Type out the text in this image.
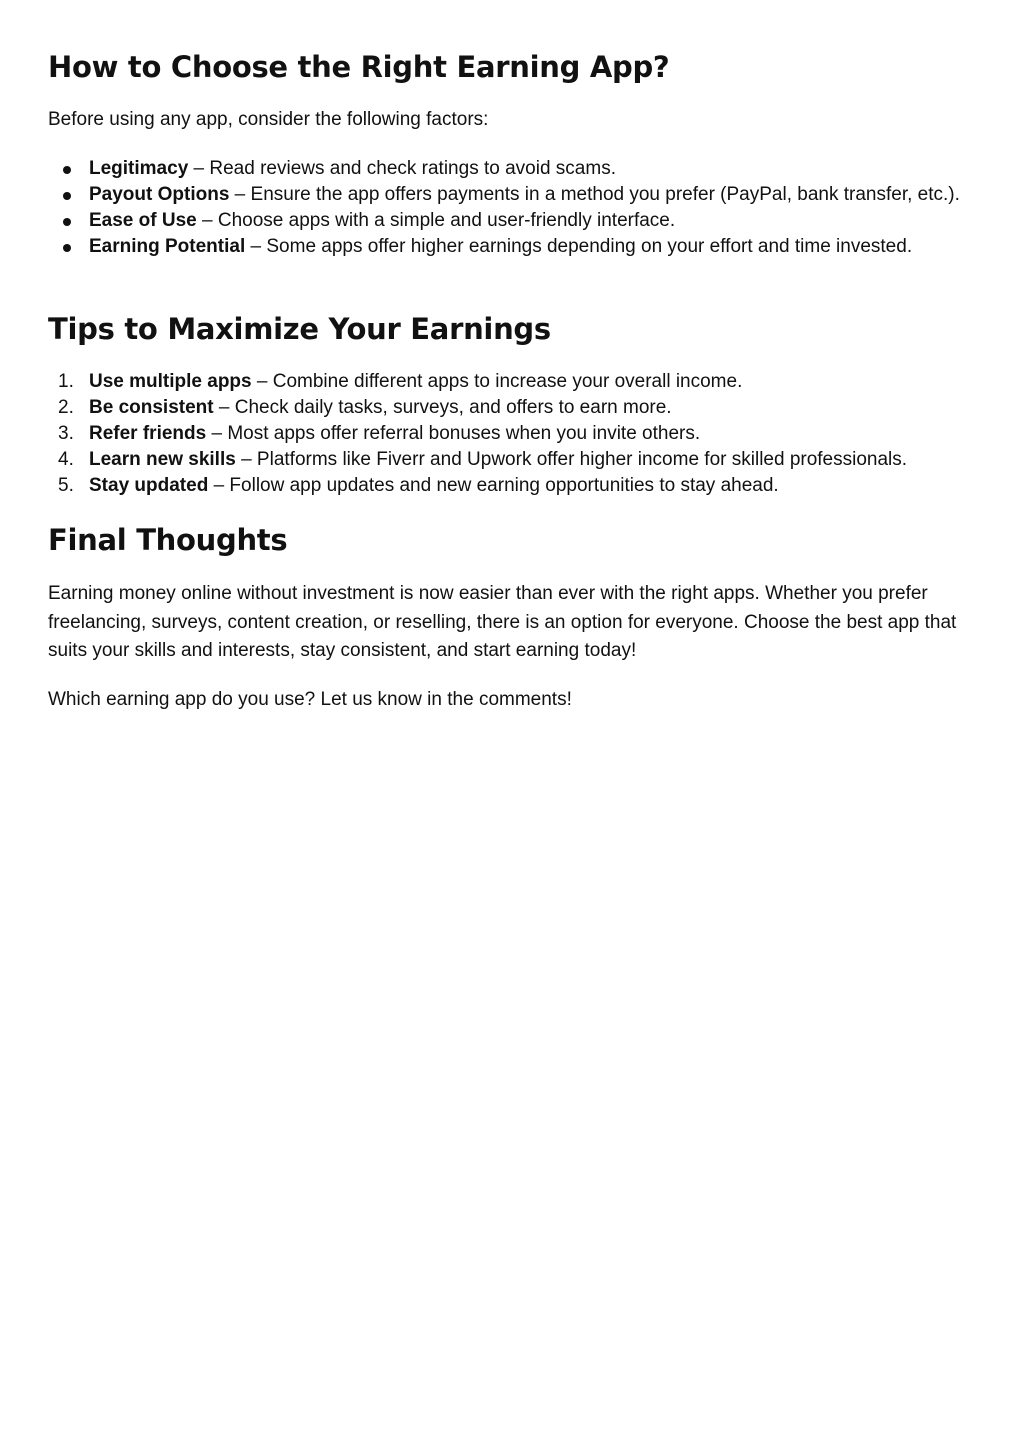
How to Choose the Right Earning App?

Before using any app, consider the following factors:

Legitimacy – Read reviews and check ratings to avoid scams.
Payout Options – Ensure the app offers payments in a method you prefer (PayPal, bank transfer, etc.).
Ease of Use – Choose apps with a simple and user-friendly interface.
Earning Potential – Some apps offer higher earnings depending on your effort and time invested.
Tips to Maximize Your Earnings
1. Use multiple apps – Combine different apps to increase your overall income.
2. Be consistent – Check daily tasks, surveys, and offers to earn more.
3. Refer friends – Most apps offer referral bonuses when you invite others.
4. Learn new skills – Platforms like Fiverr and Upwork offer higher income for skilled professionals.
5. Stay updated – Follow app updates and new earning opportunities to stay ahead.
Final Thoughts

Earning money online without investment is now easier than ever with the right apps. Whether you prefer freelancing, surveys, content creation, or reselling, there is an option for everyone. Choose the best app that suits your skills and interests, stay consistent, and start earning today!

Which earning app do you use? Let us know in the comments!
